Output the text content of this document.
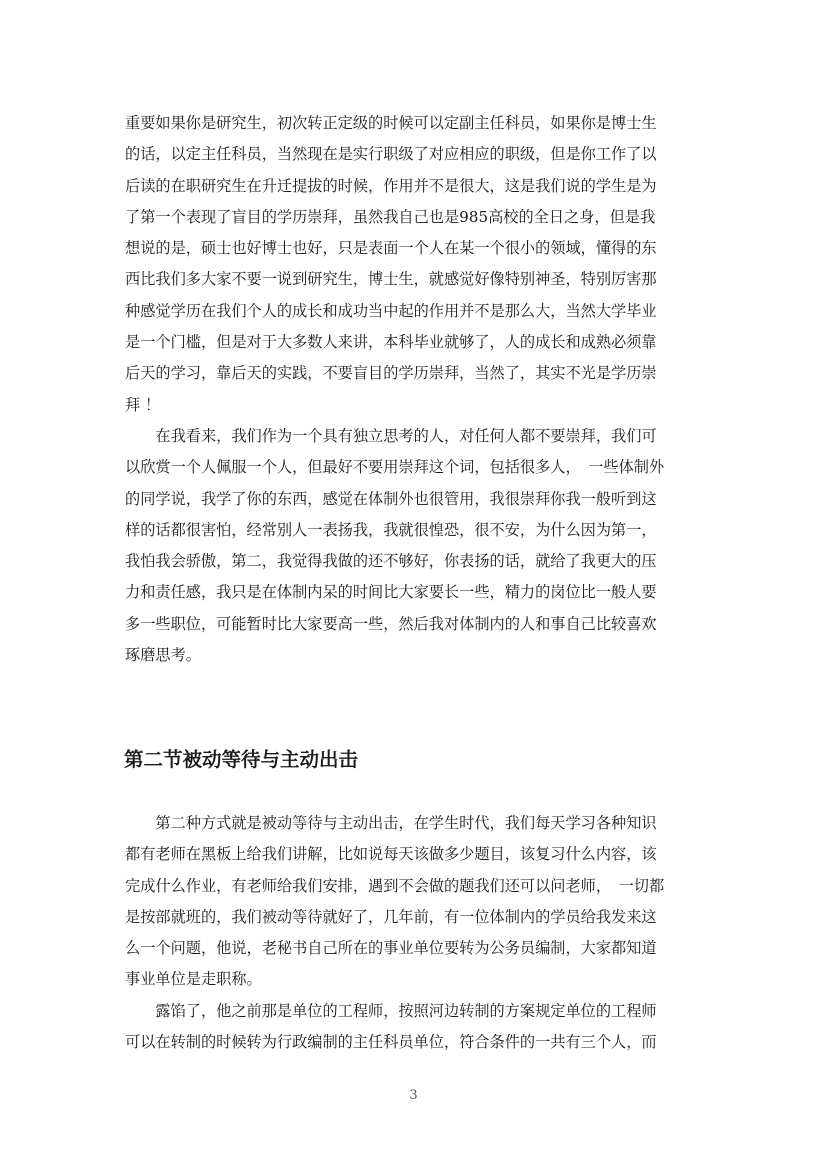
重要如果你是研究生，初次转正定级的时候可以定副主任科员，如果你是博士生
的话，以定主任科员，当然现在是实行职级了对应相应的职级，但是你工作了以
后读的在职研究生在升迁提拔的时候，作用并不是很大，这是我们说的学生是为
了第一个表现了盲目的学历崇拜，虽然我自己也是985高校的全日之身，但是我
想说的是，硕士也好博士也好，只是表面一个人在某一个很小的领域，懂得的东
西比我们多大家不要一说到研究生，博士生，就感觉好像特别神圣，特别厉害那
种感觉学历在我们个人的成长和成功当中起的作用并不是那么大，当然大学毕业
是一个门槛，但是对于大多数人来讲，本科毕业就够了，人的成长和成熟必须靠
后天的学习，靠后天的实践，不要盲目的学历崇拜，当然了，其实不光是学历崇
拜 ！
　　在我看来，我们作为一个具有独立思考的人，对任何人都不要崇拜，我们可
以欣赏一个人佩服一个人，但最好不要用崇拜这个词，包括很多人，　一些体制外
的同学说，我学了你的东西，感觉在体制外也很管用，我很崇拜你我一般听到这
样的话都很害怕，经常别人一表扬我，我就很惶恐，很不安，为什么因为第一，
我怕我会骄傲，第二，我觉得我做的还不够好，你表扬的话，就给了我更大的压
力和责任感，我只是在体制内呆的时间比大家要长一些，精力的岗位比一般人要
多一些职位，可能暂时比大家要高一些，然后我对体制内的人和事自己比较喜欢
琢磨思考。
第二节被动等待与主动出击
　　第二种方式就是被动等待与主动出击，在学生时代，我们每天学习各种知识
都有老师在黑板上给我们讲解，比如说每天该做多少题目，该复习什么内容，该
完成什么作业，有老师给我们安排，遇到不会做的题我们还可以问老师，　一切都
是按部就班的，我们被动等待就好了，几年前，有一位体制内的学员给我发来这
么一个问题，他说，老秘书自己所在的事业单位要转为公务员编制，大家都知道
事业单位是走职称。
　　露馅了，他之前那是单位的工程师，按照河边转制的方案规定单位的工程师
可以在转制的时候转为行政编制的主任科员单位，符合条件的一共有三个人，而
3
